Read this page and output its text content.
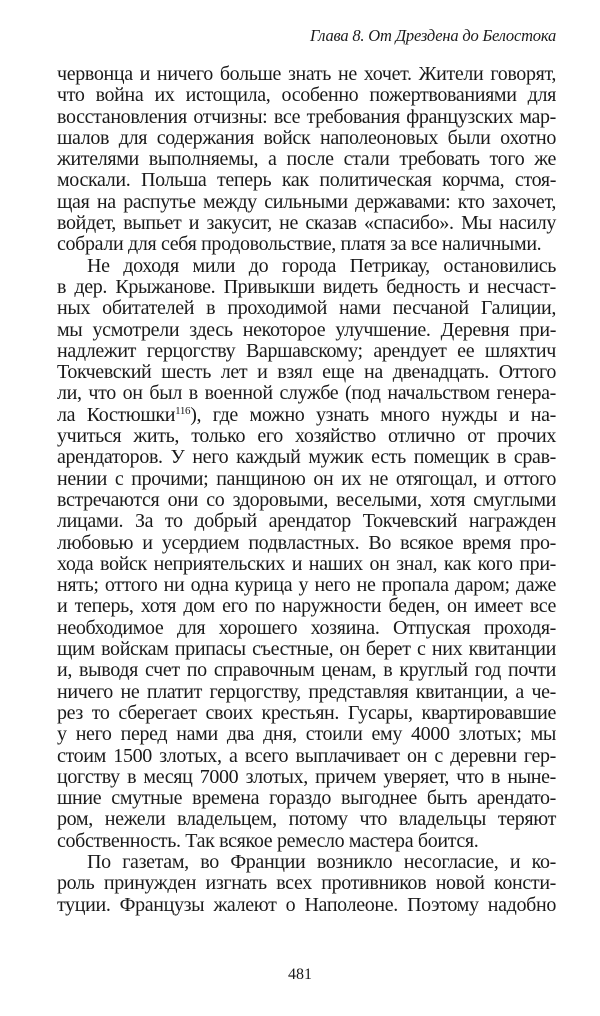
Глава 8. От Дрездена до Белостока
червонца и ничего больше знать не хочет. Жители говорят,
что война их истощила, особенно пожертвованиями для
восстановления отчизны: все требования французских мар-
шалов для содержания войск наполеоновых были охотно
жителями выполняемы, а после стали требовать того же
москали. Польша теперь как политическая корчма, стоя-
щая на распутье между сильными державами: кто захочет,
войдет, выпьет и закусит, не сказав «спасибо». Мы насилу
собрали для себя продовольствие, платя за все наличными.
Не доходя мили до города Петрикау, остановились
в дер. Крыжанове. Привыкши видеть бедность и несчаст-
ных обитателей в проходимой нами песчаной Галиции,
мы усмотрели здесь некоторое улучшение. Деревня при-
надлежит герцогству Варшавскому; арендует ее шляхтич
Токчевский шесть лет и взял еще на двенадцать. Оттого
ли, что он был в военной службе (под начальством генера-
ла Костюшки$^{116}$), где можно узнать много нужды и на-
учиться жить, только его хозяйство отлично от прочих
арендаторов. У него каждый мужик есть помещик в срав-
нении с прочими; панщиною он их не отягощал, и оттого
встречаются они со здоровыми, веселыми, хотя смуглыми
лицами. За то добрый арендатор Токчевский награжден
любовью и усердием подвластных. Во всякое время про-
хода войск неприятельских и наших он знал, как кого при-
нять; оттого ни одна курица у него не пропала даром; даже
и теперь, хотя дом его по наружности беден, он имеет все
необходимое для хорошего хозяина. Отпуская проходя-
щим войскам припасы съестные, он берет с них квитанции
и, выводя счет по справочным ценам, в круглый год почти
ничего не платит герцогству, представляя квитанции, а че-
рез то сберегает своих крестьян. Гусары, квартировавшие
у него перед нами два дня, стоили ему 4000 злотых; мы
стоим 1500 злотых, а всего выплачивает он с деревни гер-
цогству в месяц 7000 злотых, причем уверяет, что в ныне-
шние смутные времена гораздо выгоднее быть арендато-
ром, нежели владельцем, потому что владельцы теряют
собственность. Так всякое ремесло мастера боится.
По газетам, во Франции возникло несогласие, и ко-
роль принужден изгнать всех противников новой консти-
туции. Французы жалеют о Наполеоне. Поэтому надобно
481
